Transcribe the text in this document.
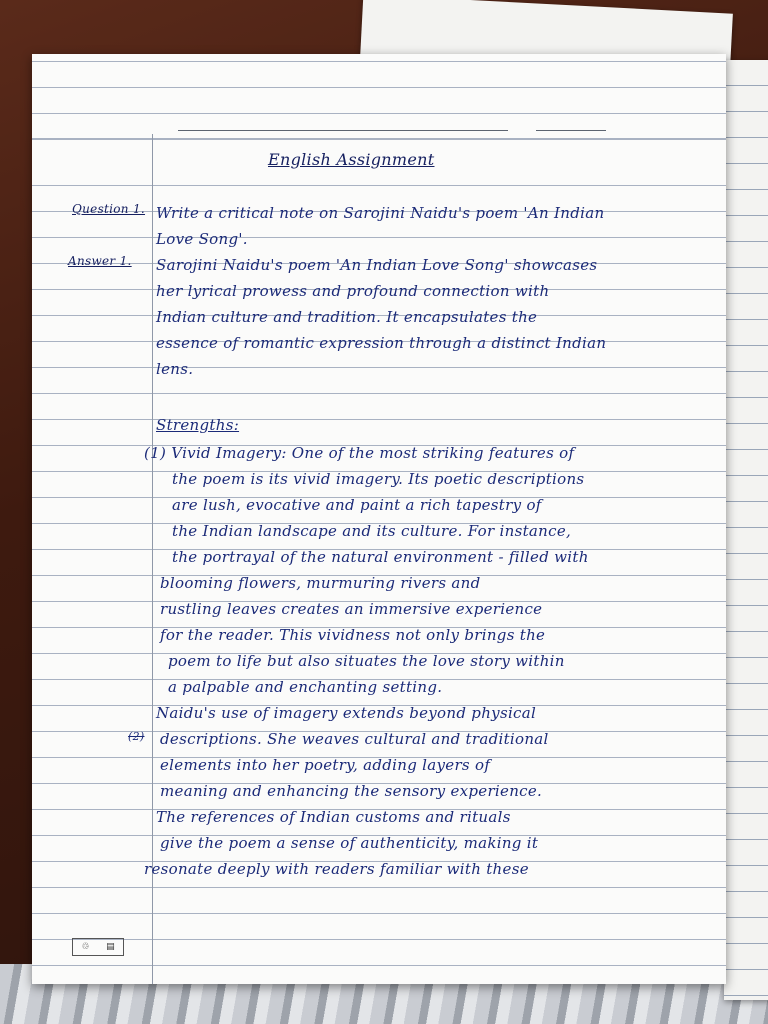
English Assignment
Question 1. Write a critical note on Sarojini Naidu's poem 'An Indian
Love Song'.
Answer 1. Sarojini Naidu's poem 'An Indian Love Song' showcases
her lyrical prowess and profound connection with
Indian culture and tradition. It encapsulates the
essence of romantic expression through a distinct Indian
lens.
Strengths:
(1) Vivid Imagery: One of the most striking features of
the poem is its vivid imagery. Its poetic descriptions
are lush, evocative and paint a rich tapestry of
the Indian landscape and its culture. For instance,
the portrayal of the natural environment - filled with
blooming flowers, murmuring rivers and
rustling leaves creates an immersive experience
for the reader. This vividness not only brings the
poem to life but also situates the love story within
a palpable and enchanting setting.
Naidu's use of imagery extends beyond physical
(2) descriptions. She weaves cultural and traditional
elements into her poetry, adding layers of
meaning and enhancing the sensory experience.
The references of Indian customs and rituals
give the poem a sense of authenticity, making it
resonate deeply with readers familiar with these
♲ ▤
